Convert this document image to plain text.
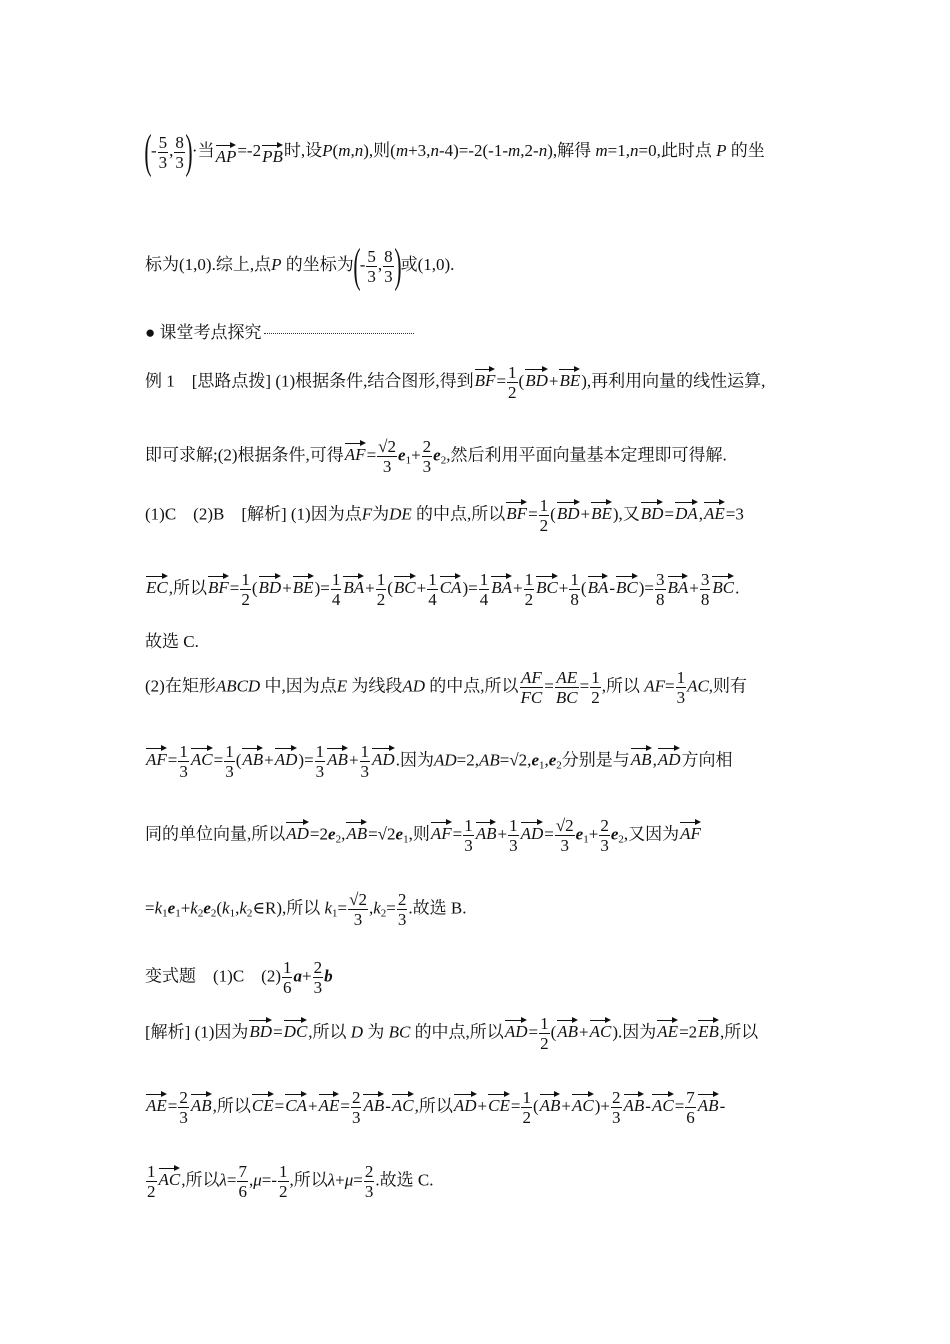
(- $\frac{5}{3}$ , $\frac{8}{3}$ )·当AP=-2PB时,设P(m,n),则(m+3,n-4)=-2(-1-m,2-n),解得 m=1,n=0,此时点 P 的坐
标为(1,0).综上,点P 的坐标为(- $\frac{5}{3}$ , $\frac{8}{3}$ )或(1,0).
● 课堂考点探究
例 1　[思路点拨] (1)根据条件,结合图形,得到$BF= \frac{1}{2} (BD+BE)$,再利用向量的线性运算,
即可求解;(2)根据条件,可得$AF= \frac{√2}{3} e_1+ \frac{2}{3} e_2$,然后利用平面向量基本定理即可得解.
(1)C　(2)B　[解析] (1)因为点F为DE 的中点,所以$BF= \frac{1}{2} (BD+BE)$,又BD=DA,AE=3
EC,所以$BF= \frac{1}{2} (BD+BE)= \frac{1}{4} BA+ \frac{1}{2} (BC+ \frac{1}{4} CA)= \frac{1}{4} BA+ \frac{1}{2} BC+ \frac{1}{8} (BA-BC)= \frac{3}{8} BA+ \frac{3}{8}$ BC.
故选 C.
(2)在矩形ABCD 中,因为点E 为线段AD 的中点,所以 $\frac{AF}{FC} = \frac{AE}{BC} = \frac{1}{2}$ ,所以 $AF= \frac{1}{3}$ AC,则有
$AF= \frac{1}{3} AC= \frac{1}{3} (AB+AD)= \frac{1}{3} AB+ \frac{1}{3}$ AD.因为$AD=2,AB=√2,e_1,e_2$分别是与AB,AD方向相
同的单位向量,所以$AD=2e_2,AB=√2e_1$,则$AF= \frac{1}{3} AB+ \frac{1}{3} AD= \frac{√2}{3} e_1+ \frac{2}{3} e_2$,又因为AF
$=k_1e_1+k_2e_2(k_1,k_2\in R)$,所以 $k_1= \frac{√2}{3} ,k_2= \frac{2}{3}$ .故选 B.
变式题　(1)C　$(2) \frac{1}{6} a+ \frac{2}{3}$ b
[解析] (1)因为BD=DC,所以 D 为 BC 的中点,所以$AD= \frac{1}{2} (AB+AC)$.因为AE=2EB,所以
$AE= \frac{2}{3}$ AB,所以$CE=CA+AE= \frac{2}{3} AB-AC$,所以$AD+CE= \frac{1}{2} (AB+AC)+ \frac{2}{3} AB-AC= \frac{7}{6} AB-$
$\frac{1}{2}$ AC,所以$\lambda= \frac{7}{6} ,\mu=- \frac{1}{2}$ ,所以$\lambda+\mu= \frac{2}{3}$ .故选 C.
